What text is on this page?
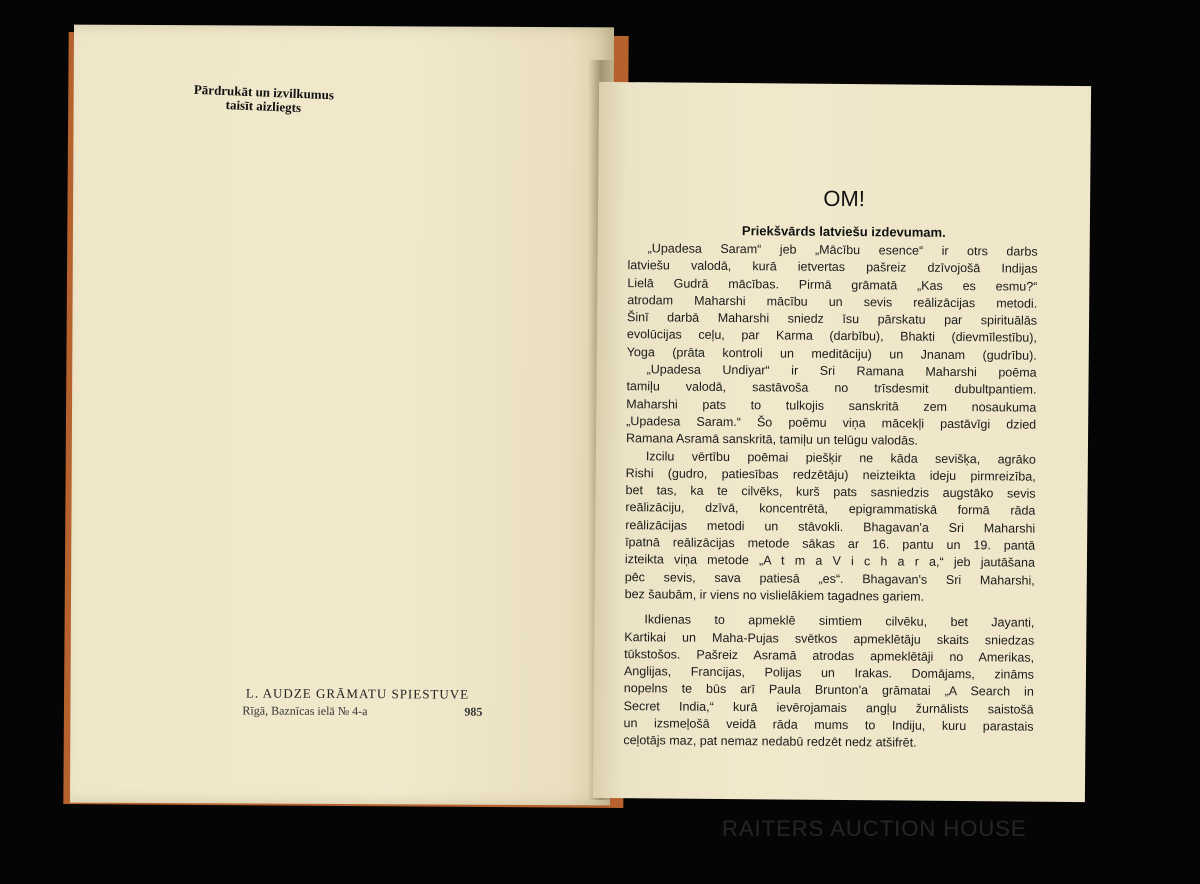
Pārdrukāt un izvilkumus
taisīt aizliegts
L. AUDZE GRĀMATU SPIESTUVE
Rīgā, Baznīcas ielā № 4-a	985
OM!
Priekšvārds latviešu izdevumam.
„Upadesa Saram“ jeb „Mācību esence“ ir otrs darbs
latviešu valodā, kurā ietvertas pašreiz dzīvojošā Indijas
Lielā Gudrā mācības. Pirmā grāmatā „Kas es esmu?“
atrodam Maharshi mācību un sevis reālizācijas metodi.
Šinī darbā Maharshi sniedz īsu pārskatu par spirituālās
evolūcijas ceļu, par Karma (darbību), Bhakti (dievmīlestību),
Yoga (prāta kontroli un meditāciju) un Jnanam (gudrību).
„Upadesa Undiyar“ ir Sri Ramana Maharshi poēma
tamiļu valodā, sastāvoša no trīsdesmit dubultpantiem.
Maharshi pats to tulkojis sanskritā zem nosaukuma
„Upadesa Saram.“ Šo poēmu viņa mācekļi pastāvīgi dzied
Ramana Asramā sanskritā, tamiļu un telūgu valodās.
Izcilu vērtību poēmai piešķir ne kāda sevišķa, agrāko
Rishi (gudro, patiesības redzētāju) neizteikta ideju pirmreizība,
bet tas, ka te cilvēks, kurš pats sasniedzis augstāko sevis
reālizāciju, dzīvā, koncentrētā, epigrammatiskā formā rāda
reālizācijas metodi un stāvokli. Bhagavan'a Sri Maharshi
īpatnā reālizācijas metode sākas ar 16. pantu un 19. pantā
izteikta viņa metode „A t m a V i c h a r a,“ jeb jautāšana
pēc sevis, sava patiesā „es“. Bhagavan's Sri Maharshi,
bez šaubām, ir viens no vislielākiem tagadnes gariem.
Ikdienas to apmeklē simtiem cilvēku, bet Jayanti,
Kartikai un Maha-Pujas svētkos apmeklētāju skaits sniedzas
tūkstošos. Pašreiz Asramā atrodas apmeklētāji no Amerikas,
Anglijas, Francijas, Polijas un Irakas. Domājams, zināms
nopelns te būs arī Paula Brunton'a grāmatai „A Search in
Secret India,“ kurā ievērojamais angļu žurnālists saistošā
un izsmeļošā veidā rāda mums to Indiju, kuru parastais
ceļotājs maz, pat nemaz nedabū redzēt nedz atšifrēt.
RAITERS AUCTION HOUSE
